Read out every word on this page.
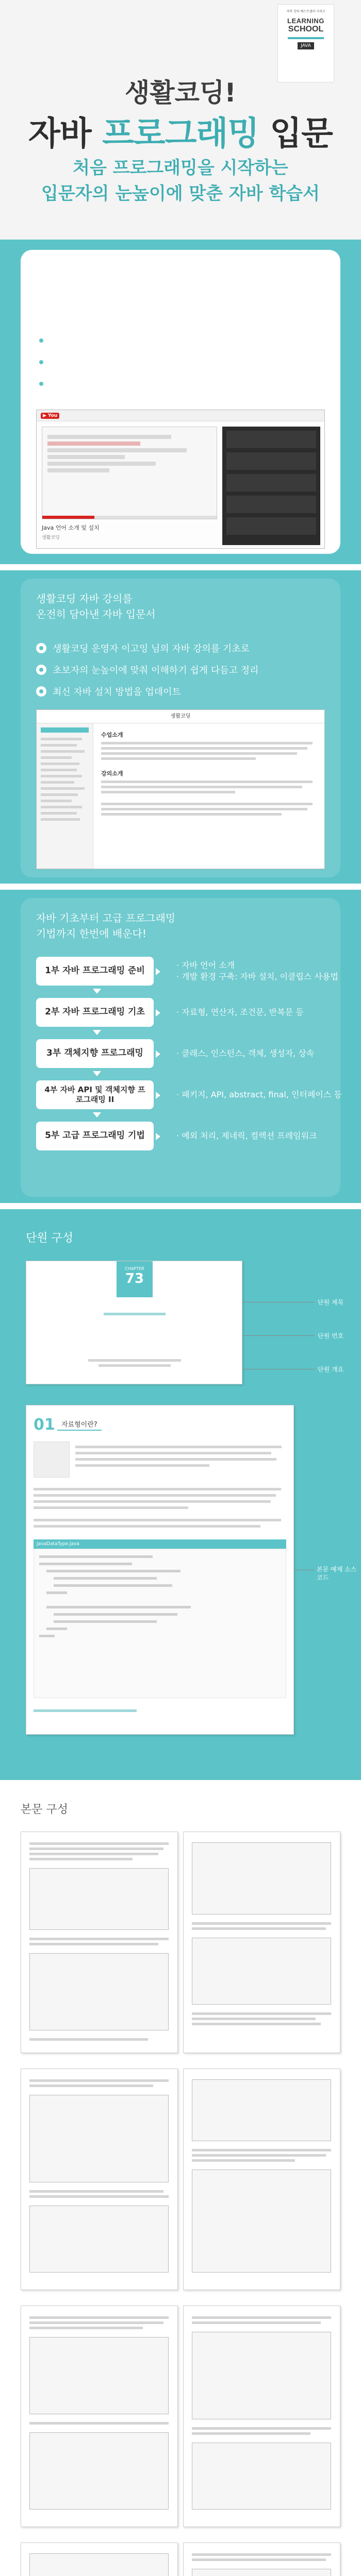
자바 강의 베스트셀러 시리즈
LEARNING
SCHOOL
JAVA
생활코딩!
자바 프로그래밍 입문
처음 프로그래밍을 시작하는
입문자의 눈높이에 맞춘 자바 학습서
생활코딩 방문자들이 인정한
국내 최고의 무료 자바 동영상 강의
이제 책으로 경험해 보세요!
600,000번 조회
1,522분 분량
158개의 동영상
▶ You
Java 언어 소개 및 설치
생활코딩
생활코딩 자바 강의를
온전히 담아낸 자바 입문서
생활코딩 운영자 이고잉 님의 자바 강의를 기초로
초보자의 눈높이에 맞춰 이해하기 쉽게 다듬고 정리
최신 자바 설치 방법을 업데이트
생활코딩
수업소개
강의소개
자바 기초부터 고급 프로그래밍
기법까지 한번에 배운다!
1부 자바 프로그래밍 준비
· 자바 언어 소개
· 개발 환경 구축: 자바 설치, 이클립스 사용법
2부 자바 프로그래밍 기초	· 자료형, 연산자, 조건문, 반복문 등
3부 객체지향 프로그래밍	· 클래스, 인스턴스, 객체, 생성자, 상속
4부 자바 API 및 객체지향 프로그래밍 II	· 패키지, API, abstract, final, 인터페이스 등
5부 고급 프로그래밍 기법	· 예외 처리, 제네릭, 컬렉션 프레임워크
단원 구성
CHAPTER
73
단원 제목
단원 번호
단원 개요
01 자료형이란?
JavaDataType.java
본문 예제 소스 코드
본문 구성
